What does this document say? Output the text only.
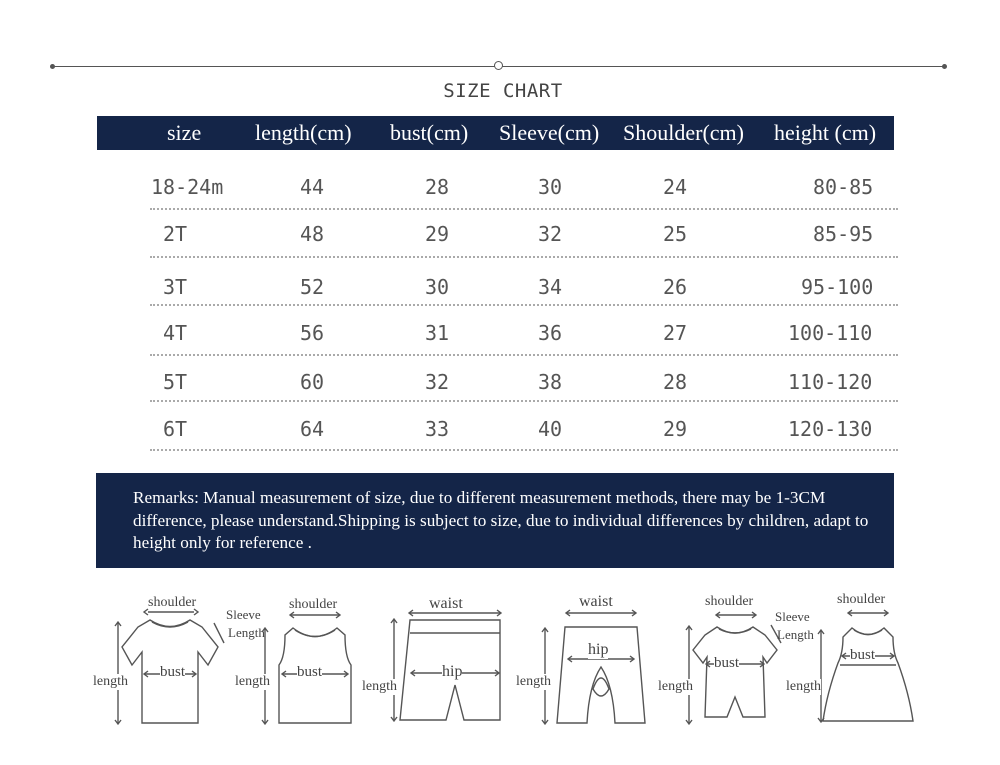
SIZE CHART
size length(cm) bust(cm) Sleeve(cm) Shoulder(cm) height (cm)
18-24m	44	28	30	24	80-85
2T	48	29	32	25	85-95
3T	52	30	34	26	95-100
4T	56	31	36	27	100-110
5T	60	32	38	28	110-120
6T	64	33	40	29	120-130
Remarks: Manual measurement of size, due to different measurement methods, there may be 1-3CM difference, please understand.Shipping is subject to size, due to individual differences by children, adapt to height only for reference .
shoulder
Sleeve
Length
bust
length
shoulder
bust
length
waist
hip
length
waist
hip
length
shoulder
Sleeve
Length
bust
length
shoulder
bust
length
